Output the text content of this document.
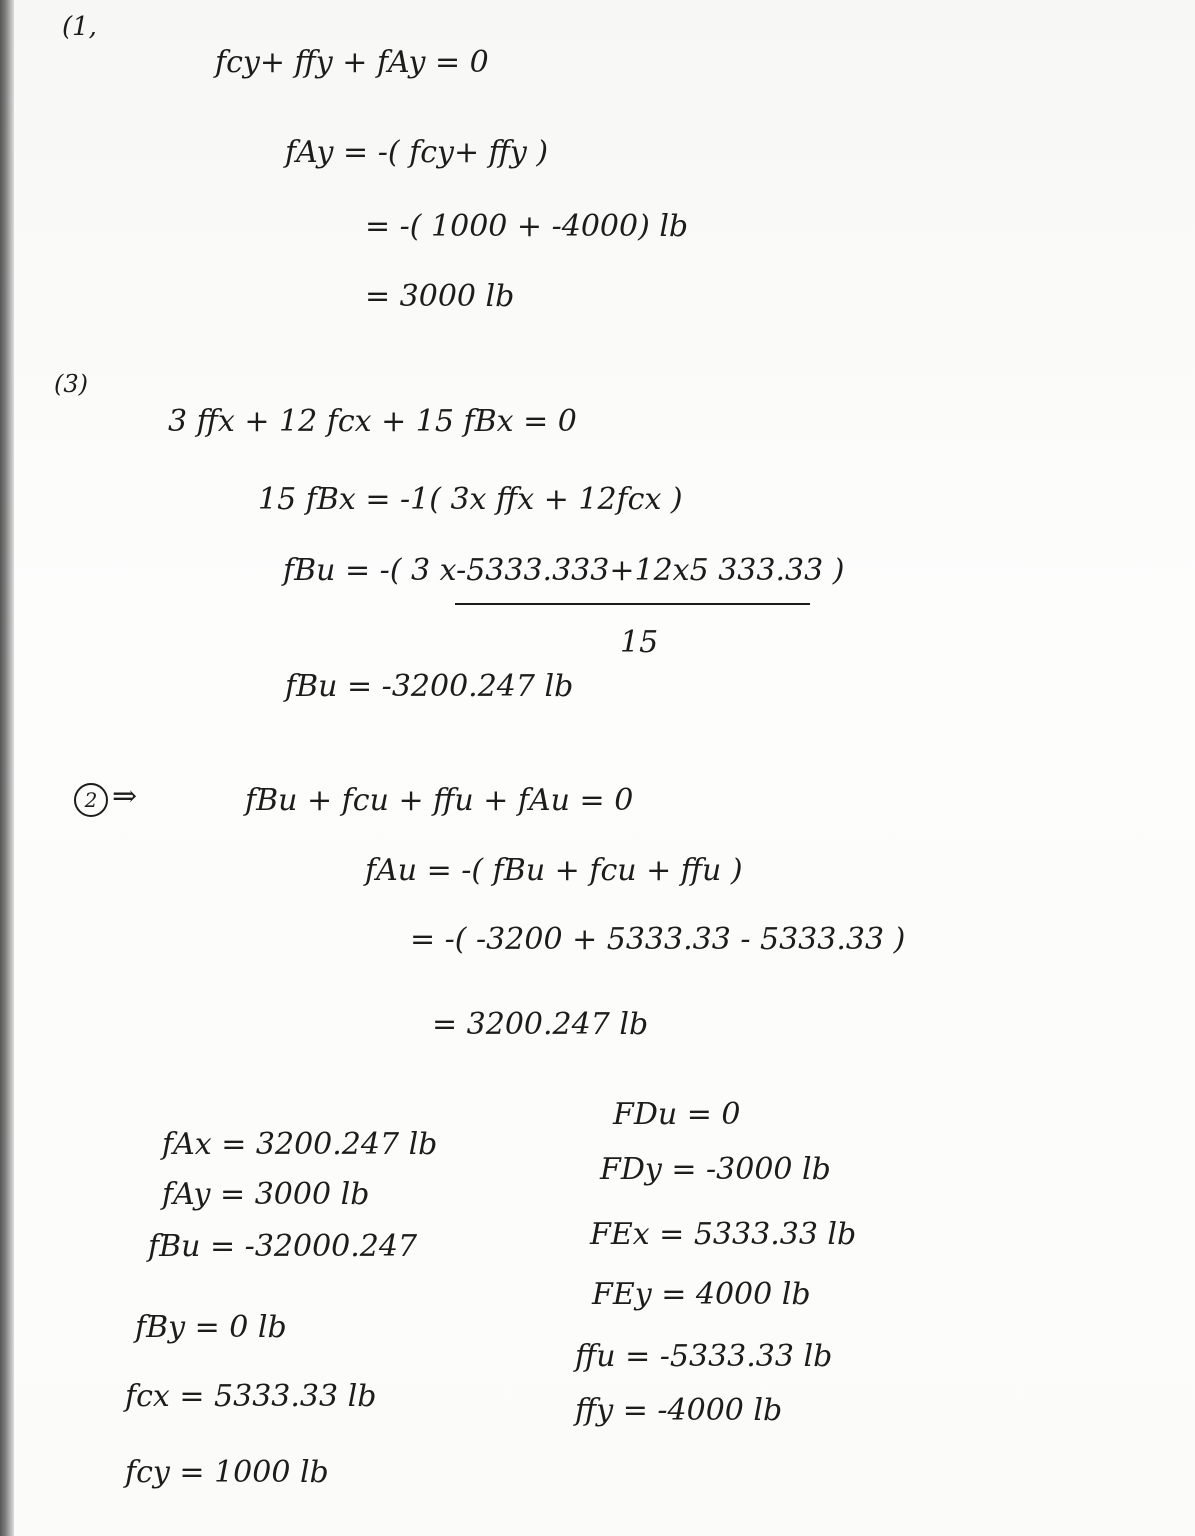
(1,
fcy+ ffy + fAy = 0
fAy = -( fcy+ ffy )
= -( 1000 + -4000) lb
= 3000 lb
(3)
3 ffx + 12 fcx + 15 fBx = 0
15 fBx = -1( 3x ffx + 12fcx )
fBu = -( 3 x-5333.333+12x5 333.33 )
15
fBu = -3200.247 lb
2 ⇒	fBu + fcu + ffu + fAu = 0
fAu = -( fBu + fcu + ffu )
= -( -3200 + 5333.33 - 5333.33 )
= 3200.247 lb
fAx = 3200.247 lb
fAy = 3000 lb
fBu = -32000.247
fBy = 0 lb
fcx = 5333.33 lb
fcy = 1000 lb
FDu = 0
FDy = -3000 lb
FEx = 5333.33 lb
FEy = 4000 lb
ffu = -5333.33 lb
ffy = -4000 lb
